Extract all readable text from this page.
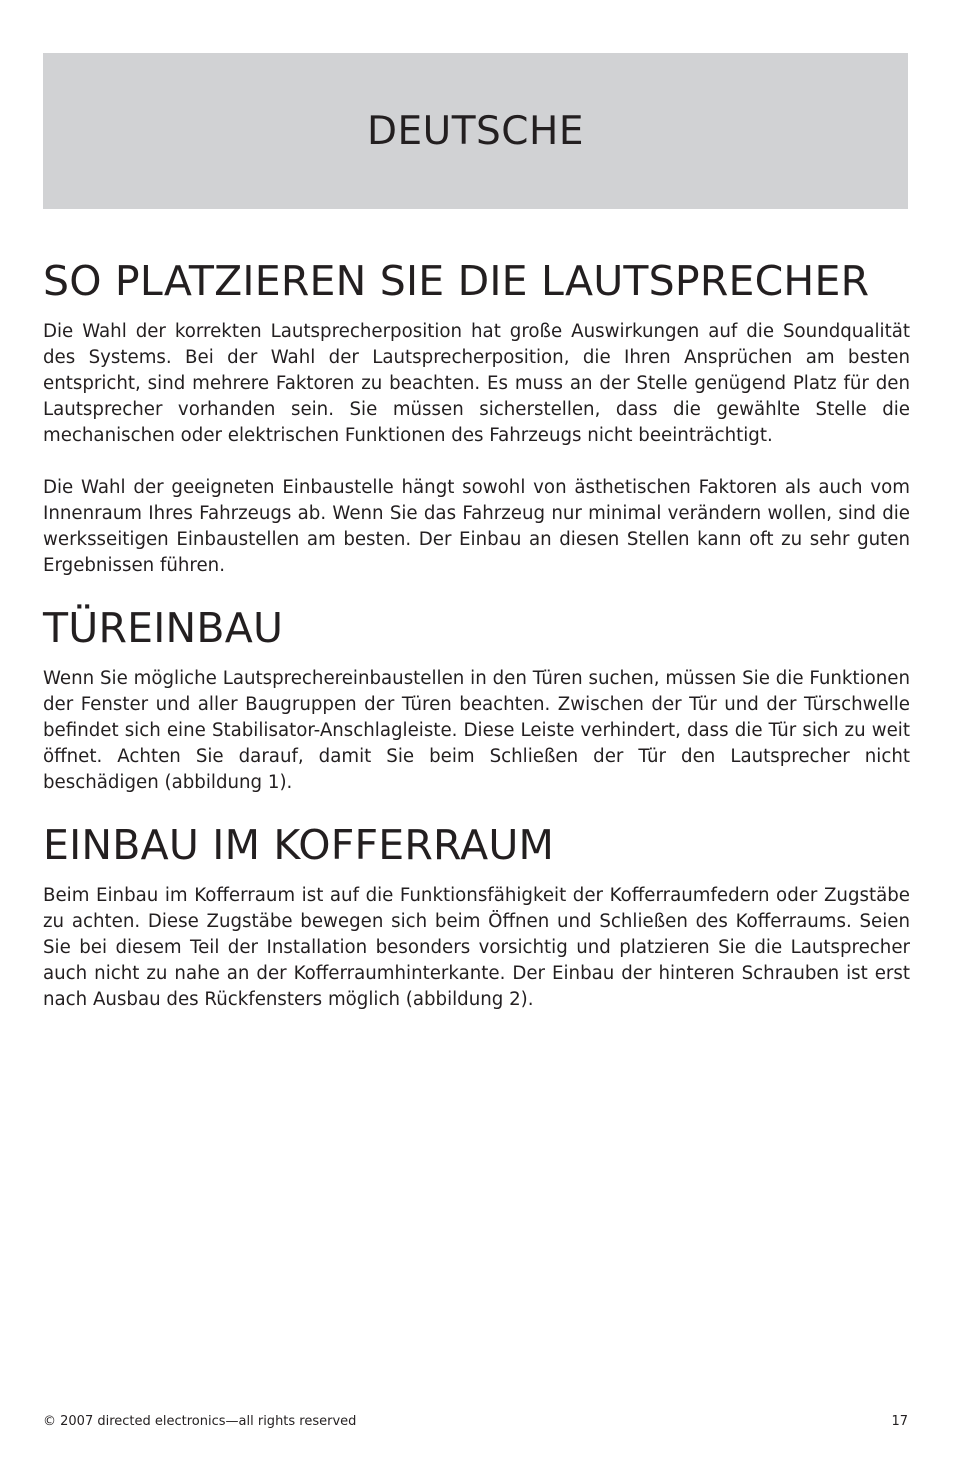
DEUTSCHE
SO PLATZIEREN SIE DIE LAUTSPRECHER

Die Wahl der korrekten Lautsprecherposition hat große Auswirkungen auf die Soundqualität des Systems. Bei der Wahl der Lautsprecherposition, die Ihren Ansprüchen am besten entspricht, sind mehrere Faktoren zu beachten. Es muss an der Stelle genügend Platz für den Lautsprecher vorhanden sein. Sie müssen sicherstellen, dass die gewählte Stelle die mechanischen oder elektrischen Funktionen des Fahrzeugs nicht beeinträchtigt.

Die Wahl der geeigneten Einbaustelle hängt sowohl von ästhetischen Faktoren als auch vom Innenraum Ihres Fahrzeugs ab. Wenn Sie das Fahrzeug nur minimal verändern wollen, sind die werksseitigen Einbaustellen am besten. Der Einbau an diesen Stellen kann oft zu sehr guten Ergebnissen führen.

TÜREINBAU

Wenn Sie mögliche Lautsprechereinbaustellen in den Türen suchen, müssen Sie die Funktionen der Fenster und aller Baugruppen der Türen beachten. Zwischen der Tür und der Türschwelle befindet sich eine Stabilisator-Anschlagleiste. Diese Leiste verhindert, dass die Tür sich zu weit öffnet. Achten Sie darauf, damit Sie beim Schließen der Tür den Lautsprecher nicht beschädigen (abbildung 1).

EINBAU IM KOFFERRAUM

Beim Einbau im Kofferraum ist auf die Funktionsfähigkeit der Kofferraumfedern oder Zugstäbe zu achten. Diese Zugstäbe bewegen sich beim Öffnen und Schließen des Kofferraums. Seien Sie bei diesem Teil der Installation besonders vorsichtig und platzieren Sie die Lautsprecher auch nicht zu nahe an der Kofferraumhinterkante. Der Einbau der hinteren Schrauben ist erst nach Ausbau des Rückfensters möglich (abbildung 2).

© 2007 directed electronics—all rights reserved	17
